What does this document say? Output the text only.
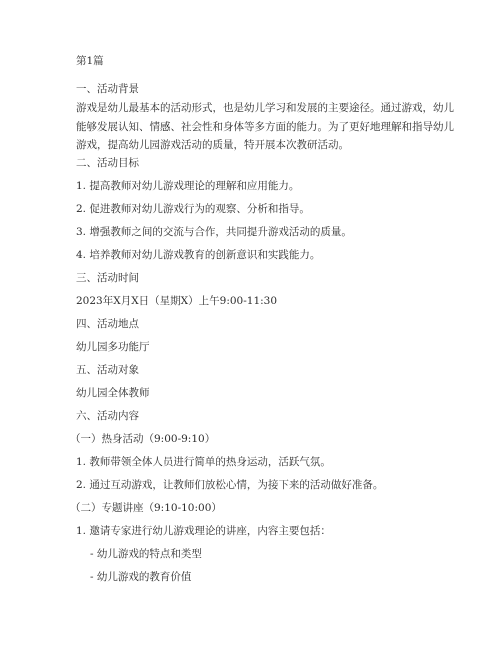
第1篇

一、活动背景

游戏是幼儿最基本的活动形式，也是幼儿学习和发展的主要途径。通过游戏，幼儿
能够发展认知、情感、社会性和身体等多方面的能力。为了更好地理解和指导幼儿
游戏，提高幼儿园游戏活动的质量，特开展本次教研活动。

二、活动目标

1. 提高教师对幼儿游戏理论的理解和应用能力。

2. 促进教师对幼儿游戏行为的观察、分析和指导。

3. 增强教师之间的交流与合作，共同提升游戏活动的质量。

4. 培养教师对幼儿游戏教育的创新意识和实践能力。

三、活动时间

2023年X月X日（星期X）上午9:00-11:30

四、活动地点

幼儿园多功能厅

五、活动对象

幼儿园全体教师

六、活动内容

（一）热身活动（9:00-9:10）

1. 教师带领全体人员进行简单的热身运动，活跃气氛。

2. 通过互动游戏，让教师们放松心情，为接下来的活动做好准备。

（二）专题讲座（9:10-10:00）

1. 邀请专家进行幼儿游戏理论的讲座，内容主要包括：

- 幼儿游戏的特点和类型

- 幼儿游戏的教育价值
